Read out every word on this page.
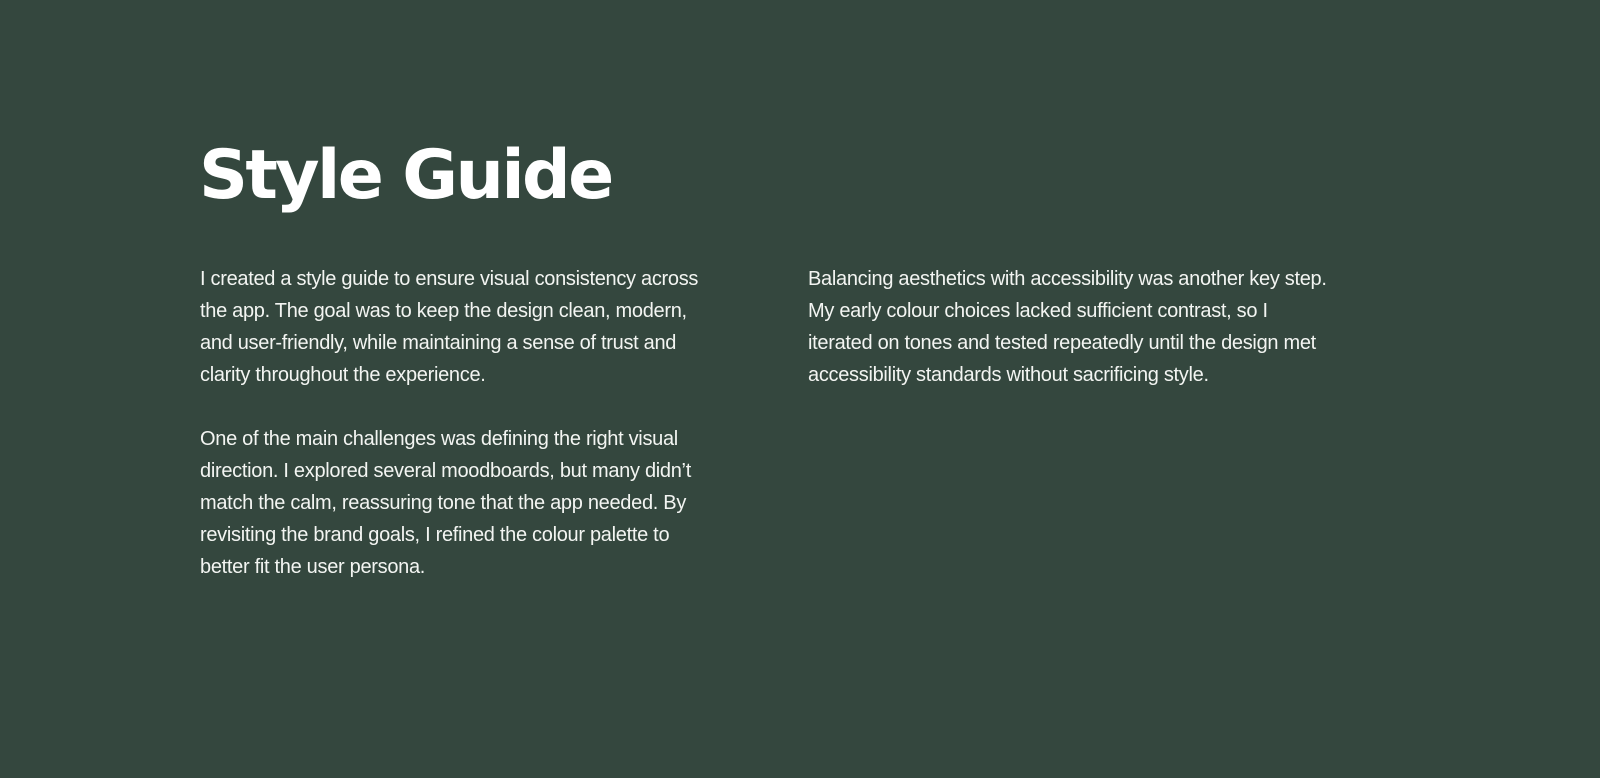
Style Guide

I created a style guide to ensure visual consistency across the app. The goal was to keep the design clean, modern, and user-friendly, while maintaining a sense of trust and clarity throughout the experience.

One of the main challenges was defining the right visual direction. I explored several moodboards, but many didn’t match the calm, reassuring tone that the app needed. By revisiting the brand goals, I refined the colour palette to better fit the user persona.

Balancing aesthetics with accessibility was another key step. My early colour choices lacked sufficient contrast, so I iterated on tones and tested repeatedly until the design met accessibility standards without sacrificing style.
